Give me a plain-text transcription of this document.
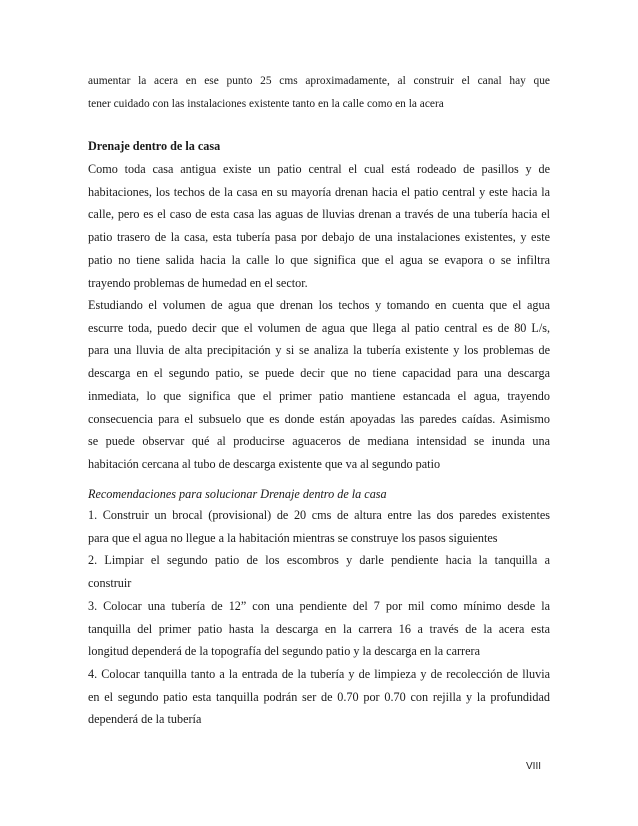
aumentar la acera en ese punto 25 cms aproximadamente, al construir el canal hay que
tener cuidado con las instalaciones existente tanto en la calle como en la acera
Drenaje dentro de la casa
Como toda casa antigua existe un patio central el cual está rodeado de pasillos y de
habitaciones, los techos de la casa en su mayoría drenan hacia el patio central y este hacia la
calle, pero es el caso de esta casa las aguas de lluvias drenan a través de una tubería hacia el
patio trasero de la casa, esta tubería pasa por debajo de una instalaciones existentes, y este
patio no tiene salida hacia la calle lo que significa que el agua se evapora o se infiltra
trayendo problemas de humedad en el sector.
Estudiando el volumen de agua que drenan los techos y tomando en cuenta que el agua
escurre toda, puedo decir que el volumen de agua que llega al patio central es de 80 L/s,
para una lluvia de alta precipitación y si se analiza la tubería existente y los problemas de
descarga en el segundo patio, se puede decir que no tiene capacidad para una descarga
inmediata, lo que significa que el primer patio mantiene estancada el agua, trayendo
consecuencia para el subsuelo que es donde están apoyadas las paredes caídas. Asimismo
se puede observar qué al producirse aguaceros de mediana intensidad se inunda una
habitación cercana al tubo de descarga existente que va al segundo patio
Recomendaciones para solucionar Drenaje dentro de la casa
1. Construir un brocal (provisional) de 20 cms de altura entre las dos paredes existentes
para que el agua no llegue a la habitación mientras se construye los pasos siguientes
2. Limpiar el segundo patio de los escombros y darle pendiente hacia la tanquilla a
construir
3. Colocar una tubería de 12” con una pendiente del 7 por mil como mínimo desde la
tanquilla del primer patio hasta la descarga en la carrera 16 a través de la acera esta
longitud dependerá de la topografía del segundo patio y la descarga en la carrera
4. Colocar tanquilla tanto a la entrada de la tubería y de limpieza y de recolección de lluvia
en el segundo patio esta tanquilla podrán ser de 0.70 por 0.70 con rejilla y la profundidad
dependerá de la tubería
VIII
